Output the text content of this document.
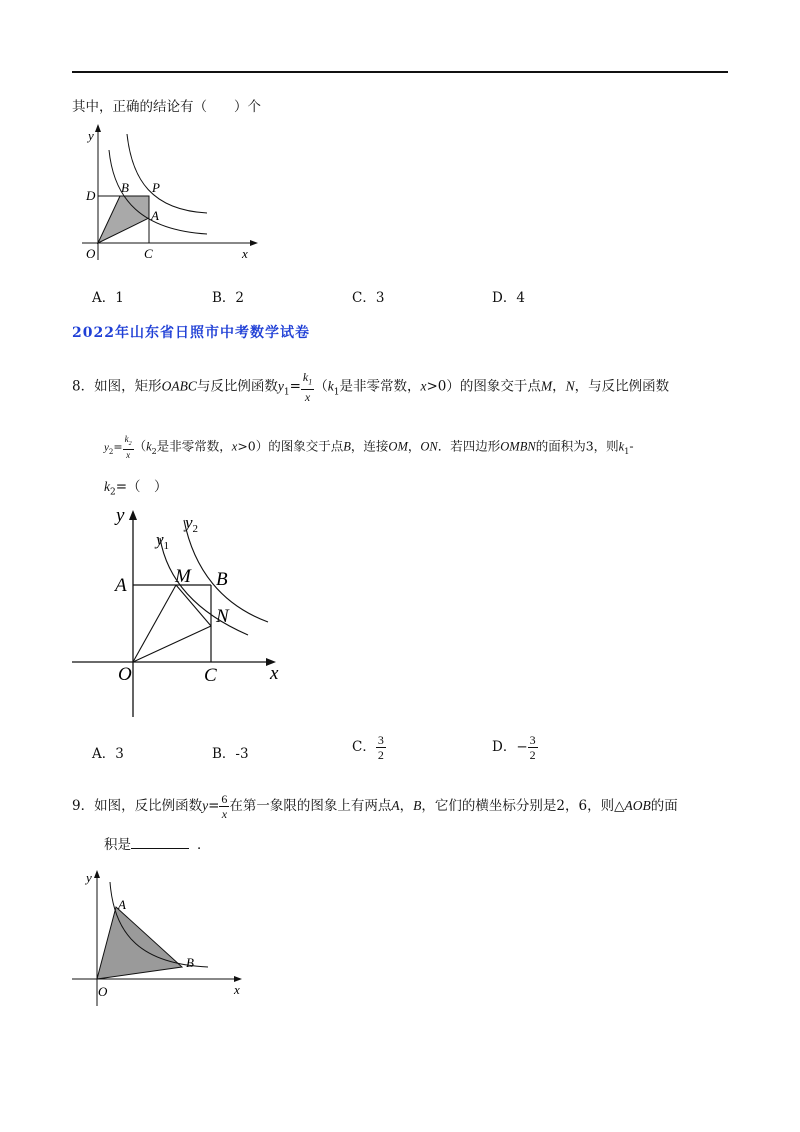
其中，正确的结论有（　　）个
y
x
O
D
B P
A
C
A．1	B．2	C．3	D．4
2022年山东省日照市中考数学试卷
8．如图，矩形OABC与反比例函数$y_1= \frac{k_1}{x} (k_1$是非零常数，x>0）的图象交于点M，N，与反比例函数
$y_2= \frac{k_2}{x} (k_2$是非零常数，x>0）的图象交于点B，连接OM，ON．若四边形OMBN的面积为3，则$k_1-$
$k_2=$（　）
y
x
O
A	M B
N
C
$y_1$
$y_2$
A．3	B．-3	C． $\frac{3}{2}$	D．− $\frac{3}{2}$
9．如图，反比例函数$y= \frac{6}{x}$ 在第一象限的图象上有两点A，B，它们的横坐标分别是2，6，则△AOB的面
积是	．
y
x
O
A
B
